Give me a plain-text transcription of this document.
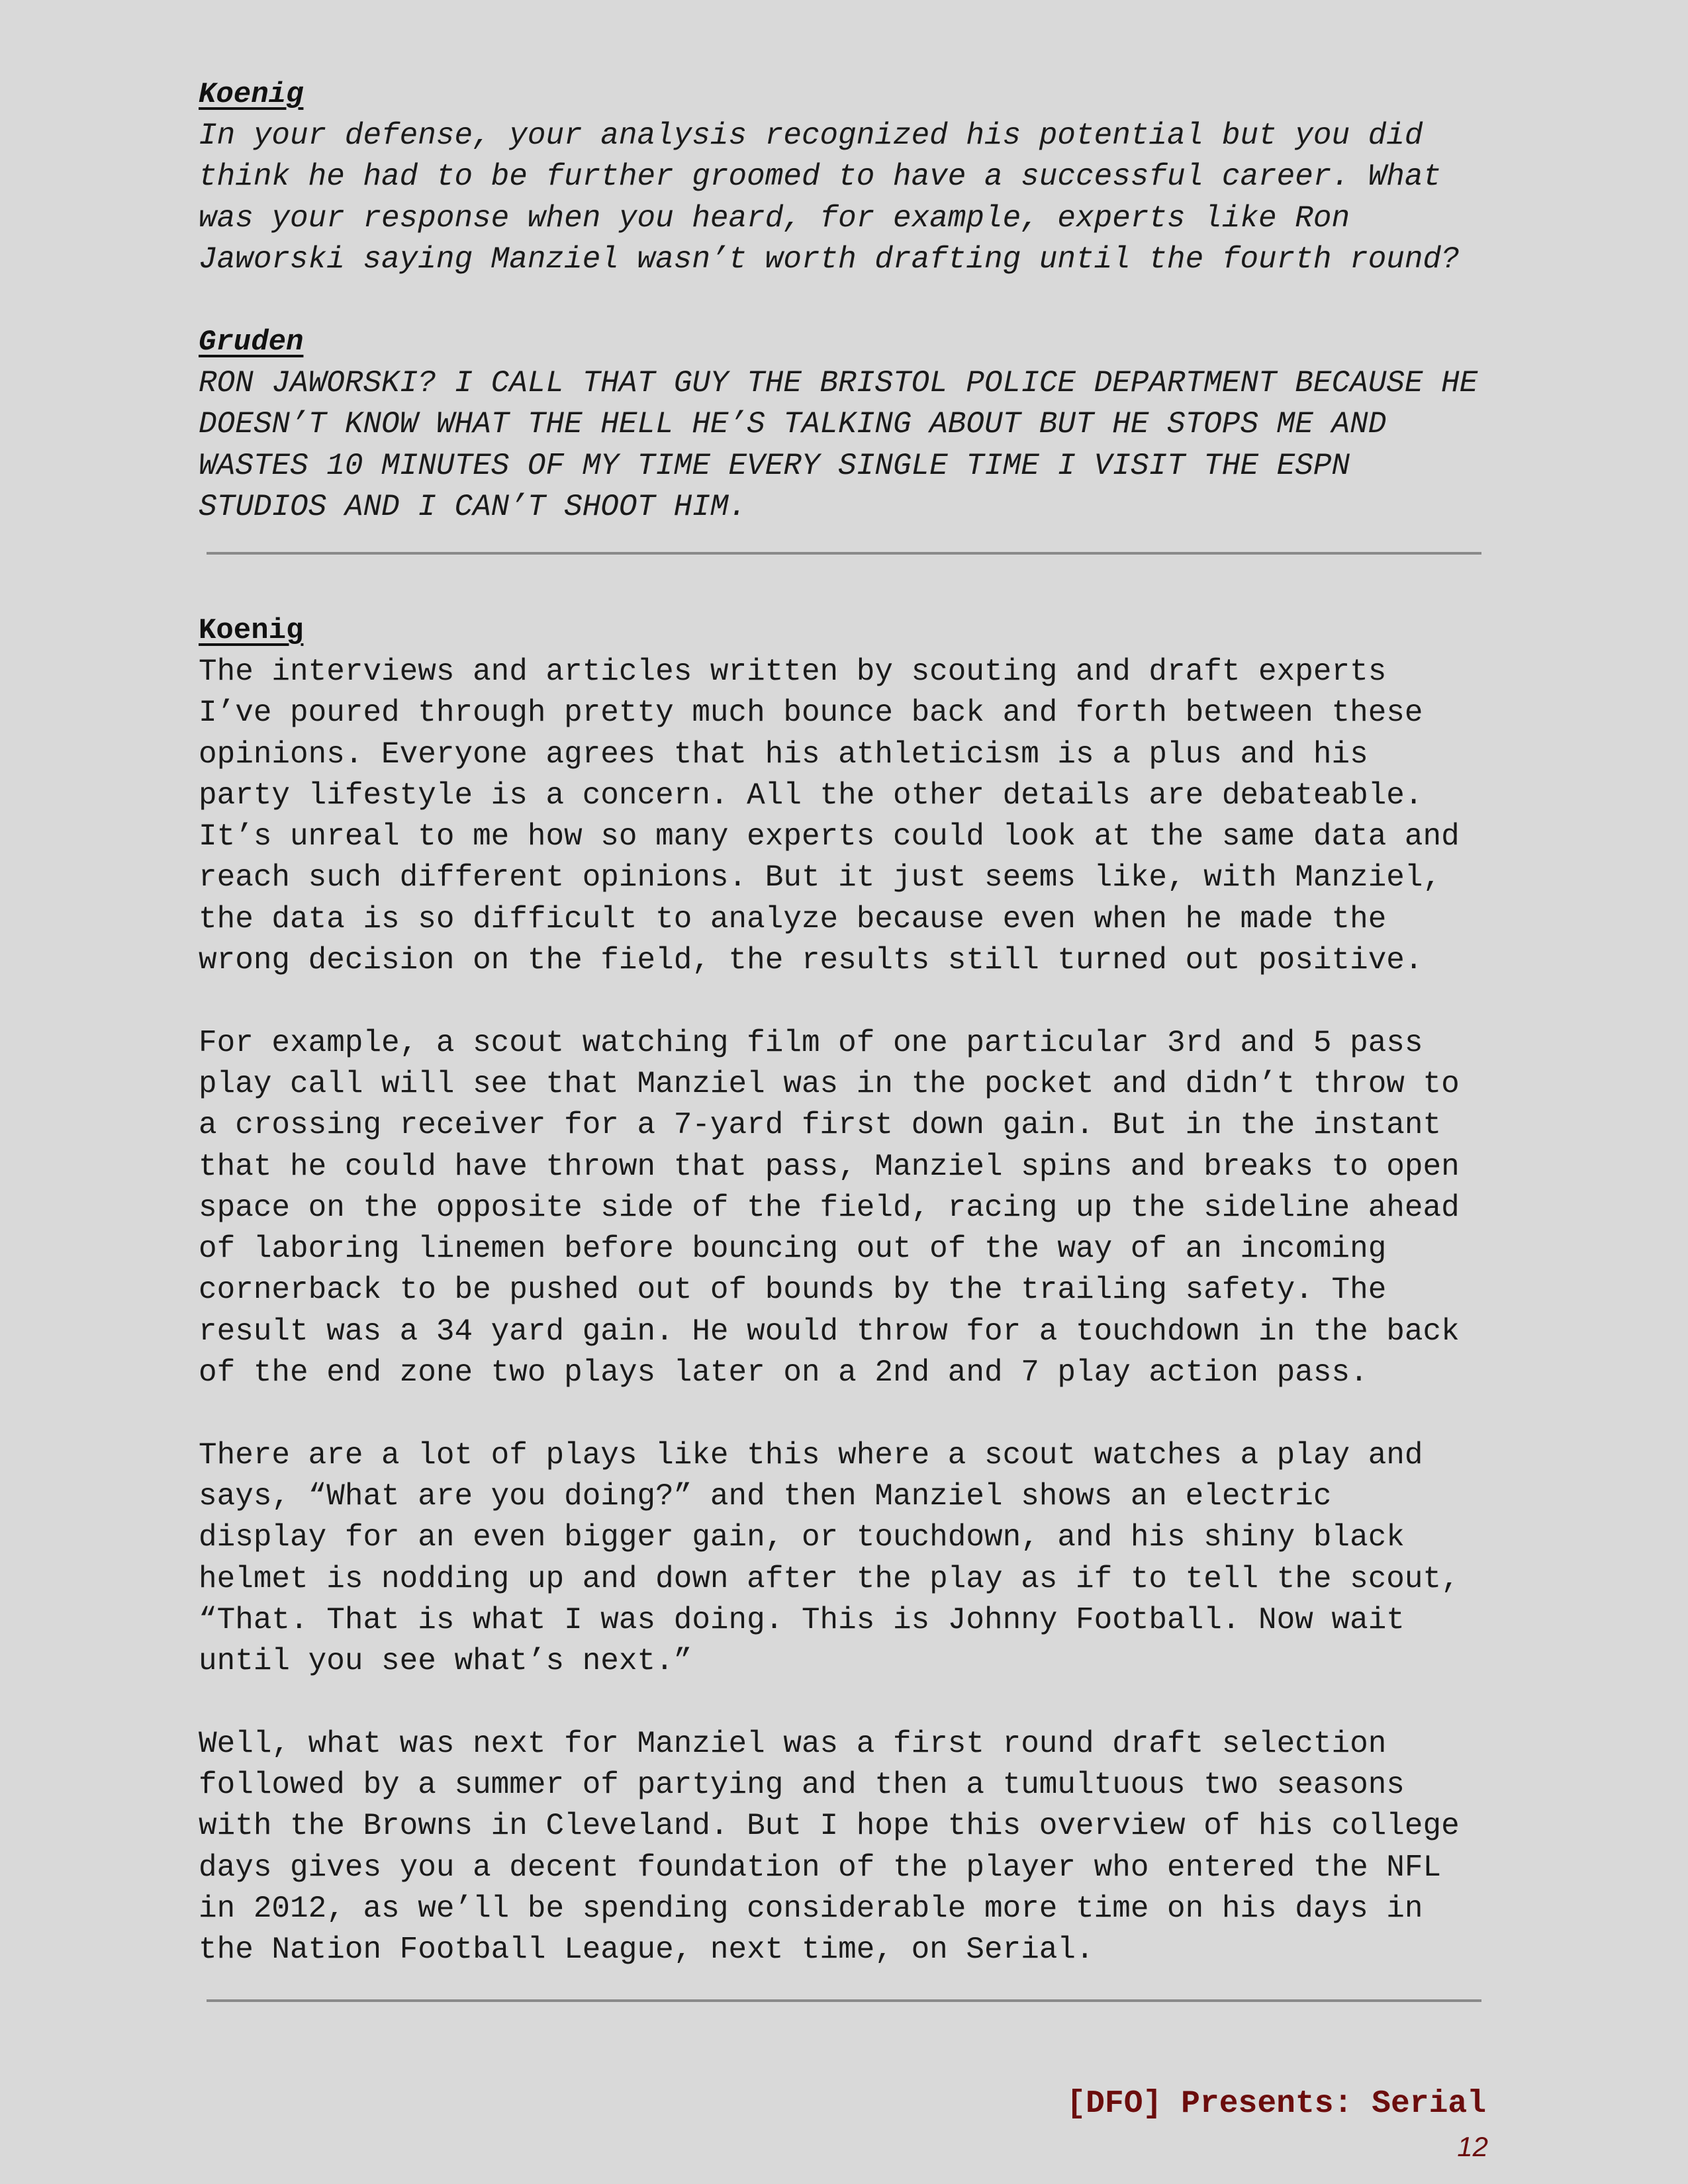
Koenig

In your defense, your analysis recognized his potential but you did

think he had to be further groomed to have a successful career. What

was your response when you heard, for example, experts like Ron

Jaworski saying Manziel wasn’t worth drafting until the fourth round?

Gruden

RON JAWORSKI? I CALL THAT GUY THE BRISTOL POLICE DEPARTMENT BECAUSE HE

DOESN’T KNOW WHAT THE HELL HE’S TALKING ABOUT BUT HE STOPS ME AND

WASTES 10 MINUTES OF MY TIME EVERY SINGLE TIME I VISIT THE ESPN

STUDIOS AND I CAN’T SHOOT HIM.

Koenig

The interviews and articles written by scouting and draft experts

I’ve poured through pretty much bounce back and forth between these

opinions. Everyone agrees that his athleticism is a plus and his

party lifestyle is a concern. All the other details are debateable.

It’s unreal to me how so many experts could look at the same data and

reach such different opinions. But it just seems like, with Manziel,

the data is so difficult to analyze because even when he made the

wrong decision on the field, the results still turned out positive.

For example, a scout watching film of one particular 3rd and 5 pass

play call will see that Manziel was in the pocket and didn’t throw to

a crossing receiver for a 7-yard first down gain. But in the instant

that he could have thrown that pass, Manziel spins and breaks to open

space on the opposite side of the field, racing up the sideline ahead

of laboring linemen before bouncing out of the way of an incoming

cornerback to be pushed out of bounds by the trailing safety. The

result was a 34 yard gain. He would throw for a touchdown in the back

of the end zone two plays later on a 2nd and 7 play action pass.

There are a lot of plays like this where a scout watches a play and

says, “What are you doing?” and then Manziel shows an electric

display for an even bigger gain, or touchdown, and his shiny black

helmet is nodding up and down after the play as if to tell the scout,

“That. That is what I was doing. This is Johnny Football. Now wait

until you see what’s next.”

Well, what was next for Manziel was a first round draft selection

followed by a summer of partying and then a tumultuous two seasons

with the Browns in Cleveland. But I hope this overview of his college

days gives you a decent foundation of the player who entered the NFL

in 2012, as we’ll be spending considerable more time on his days in

the Nation Football League, next time, on Serial.

[DFO] Presents: Serial
12
